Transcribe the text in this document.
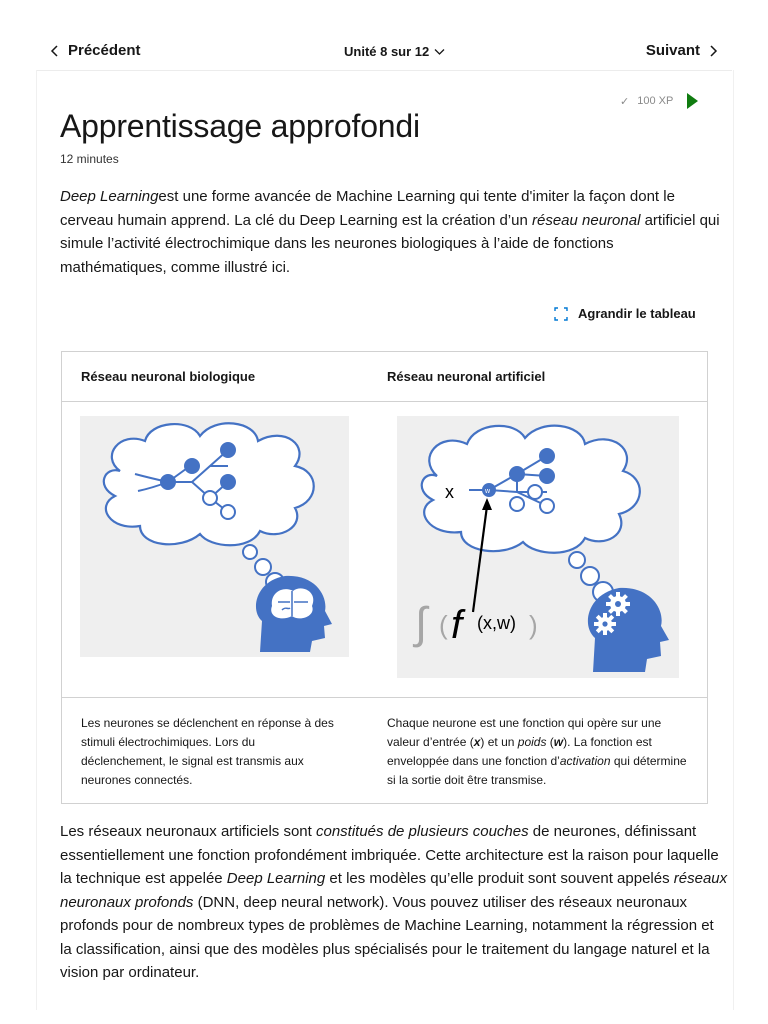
Précédent	Unité 8 sur 12	Suivant
✓ 100 XP
Apprentissage approfondi
12 minutes

Deep Learningest une forme avancée de Machine Learning qui tente d'imiter la façon dont le cerveau humain apprend. La clé du Deep Learning est la création d’un réseau neuronal artificiel qui simule l’activité électrochimique dans les neurones biologiques à l’aide de fonctions mathématiques, comme illustré ici.

Agrandir le tableau
Réseau neuronal biologique	Réseau neuronal artificiel
x	w
∫ ( f (x,w) )
Les neurones se déclenchent en réponse à des stimuli électrochimiques. Lors du déclenchement, le signal est transmis aux neurones connectés.
Chaque neurone est une fonction qui opère sur une valeur d’entrée (x) et un poids (w). La fonction est enveloppée dans une fonction d’activation qui détermine si la sortie doit être transmise.

Les réseaux neuronaux artificiels sont constitués de plusieurs couches de neurones, définissant essentiellement une fonction profondément imbriquée. Cette architecture est la raison pour laquelle la technique est appelée Deep Learning et les modèles qu’elle produit sont souvent appelés réseaux neuronaux profonds (DNN, deep neural network). Vous pouvez utiliser des réseaux neuronaux profonds pour de nombreux types de problèmes de Machine Learning, notamment la régression et la classification, ainsi que des modèles plus spécialisés pour le traitement du langage naturel et la vision par ordinateur.
